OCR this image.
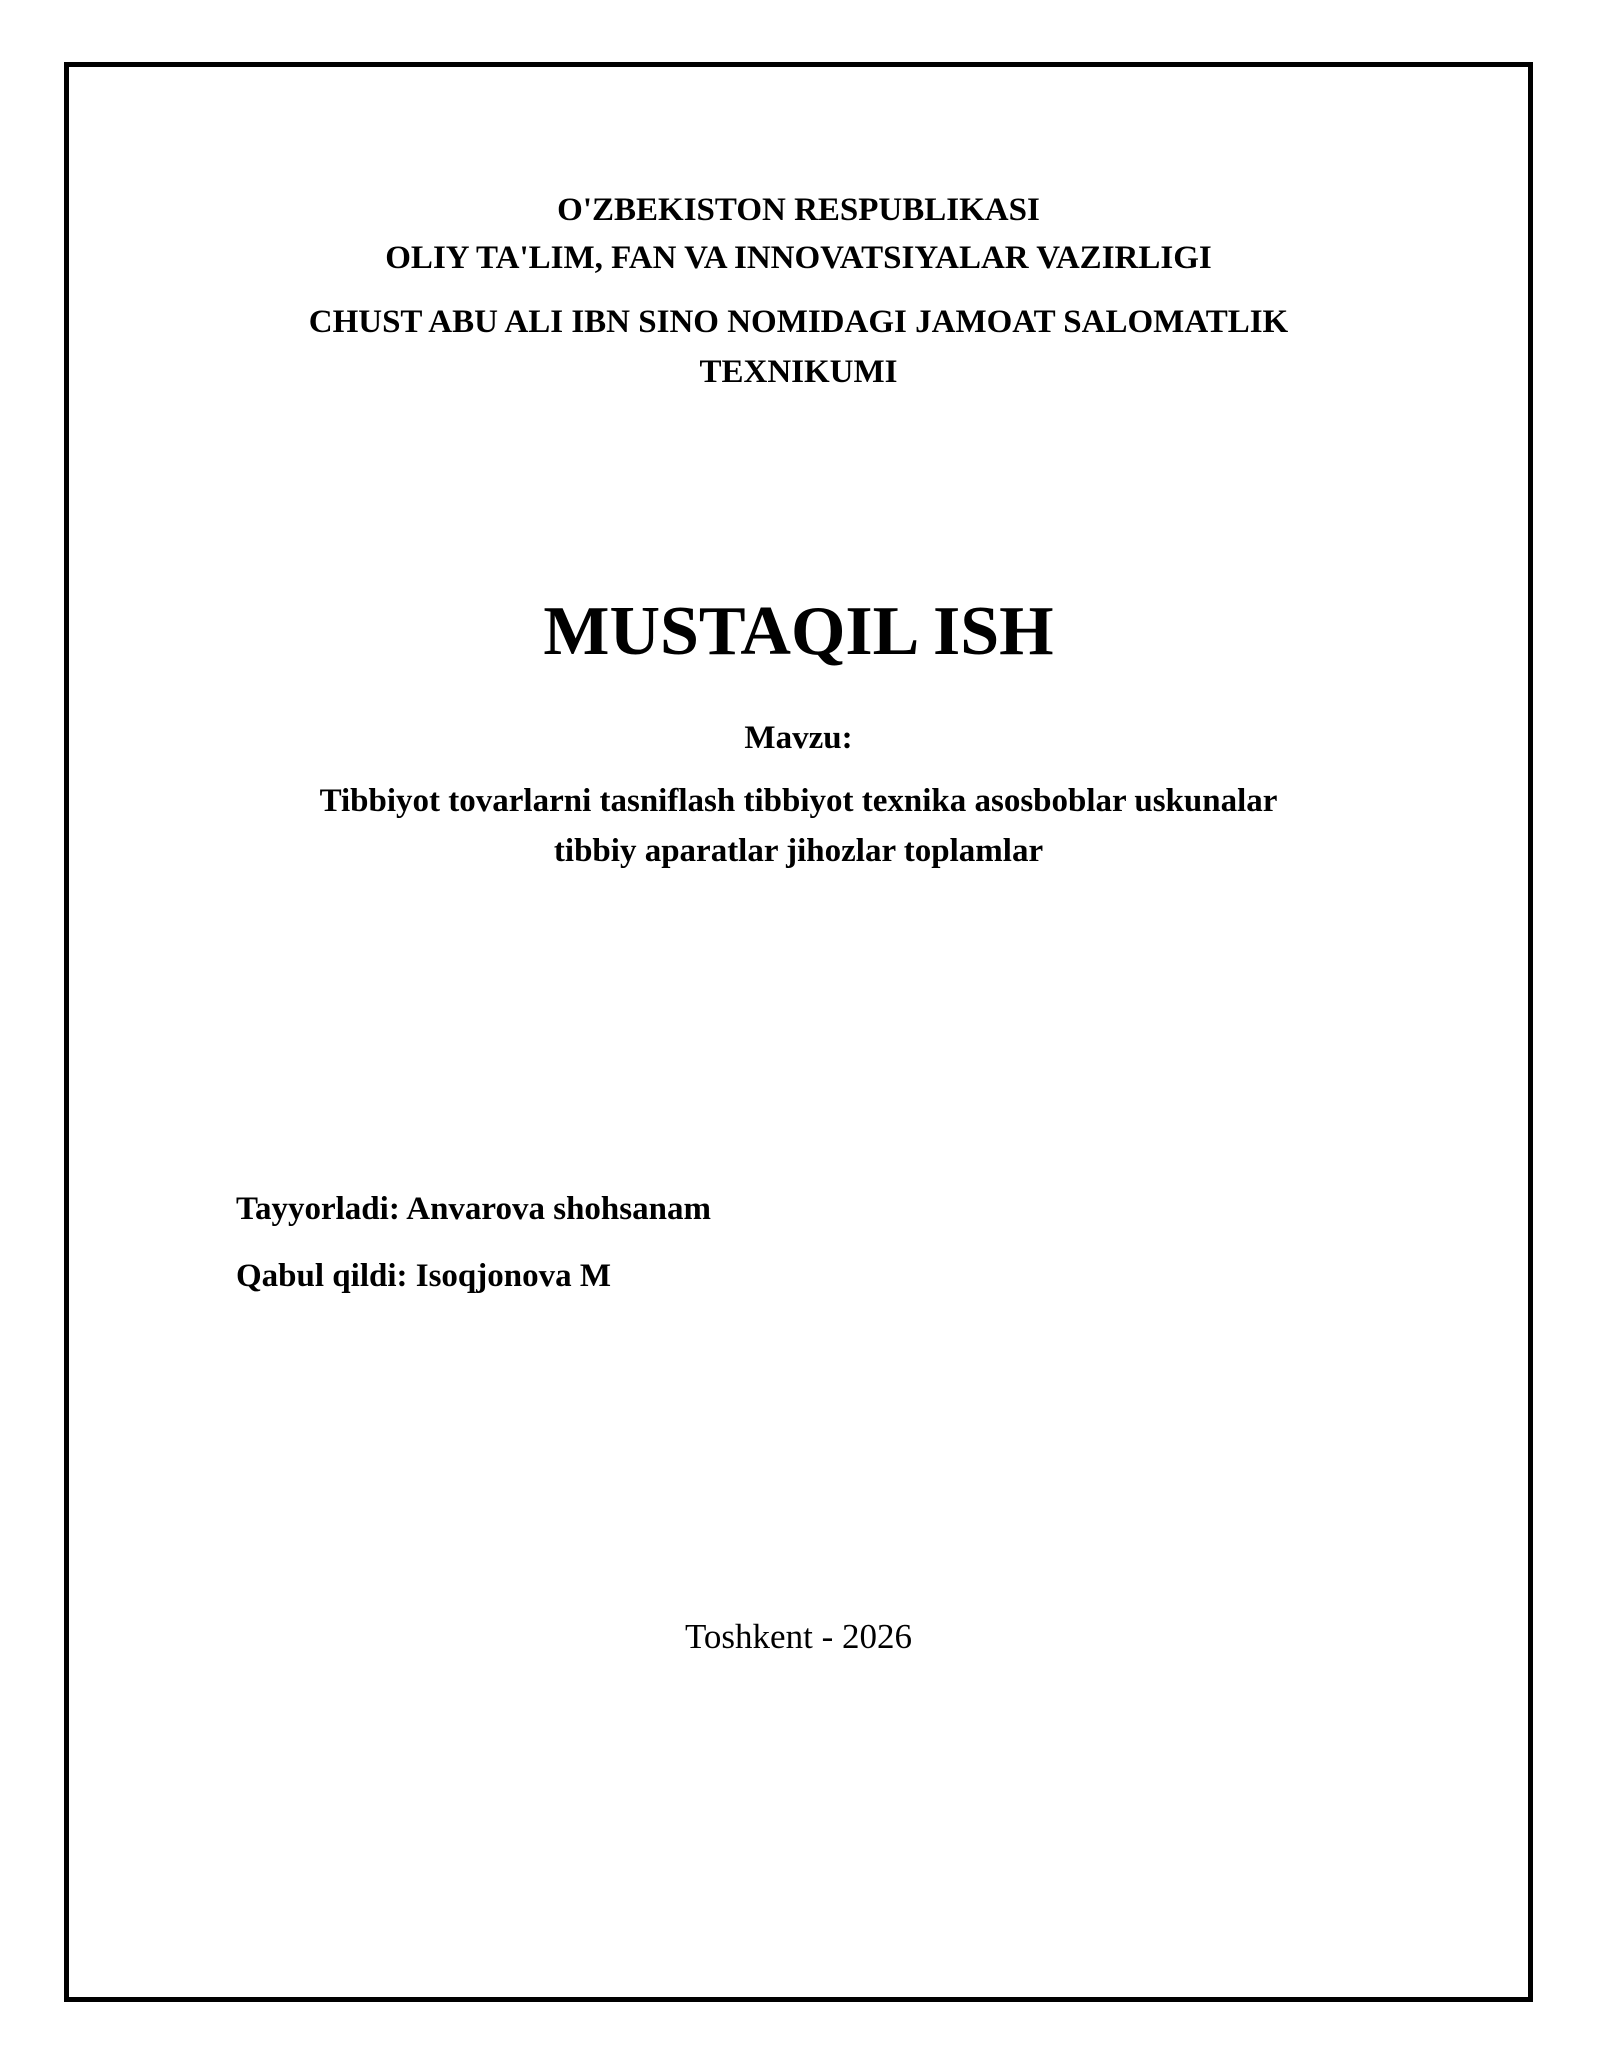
O'ZBEKISTON RESPUBLIKASI
OLIY TA'LIM, FAN VA INNOVATSIYALAR VAZIRLIGI
CHUST ABU ALI IBN SINO NOMIDAGI JAMOAT SALOMATLIK
TEXNIKUMI
MUSTAQIL ISH
Mavzu:
Tibbiyot tovarlarni tasniflash tibbiyot texnika asosboblar uskunalar
tibbiy aparatlar jihozlar toplamlar
Tayyorladi: Anvarova shohsanam
Qabul qildi: Isoqjonova M
Toshkent - 2026
